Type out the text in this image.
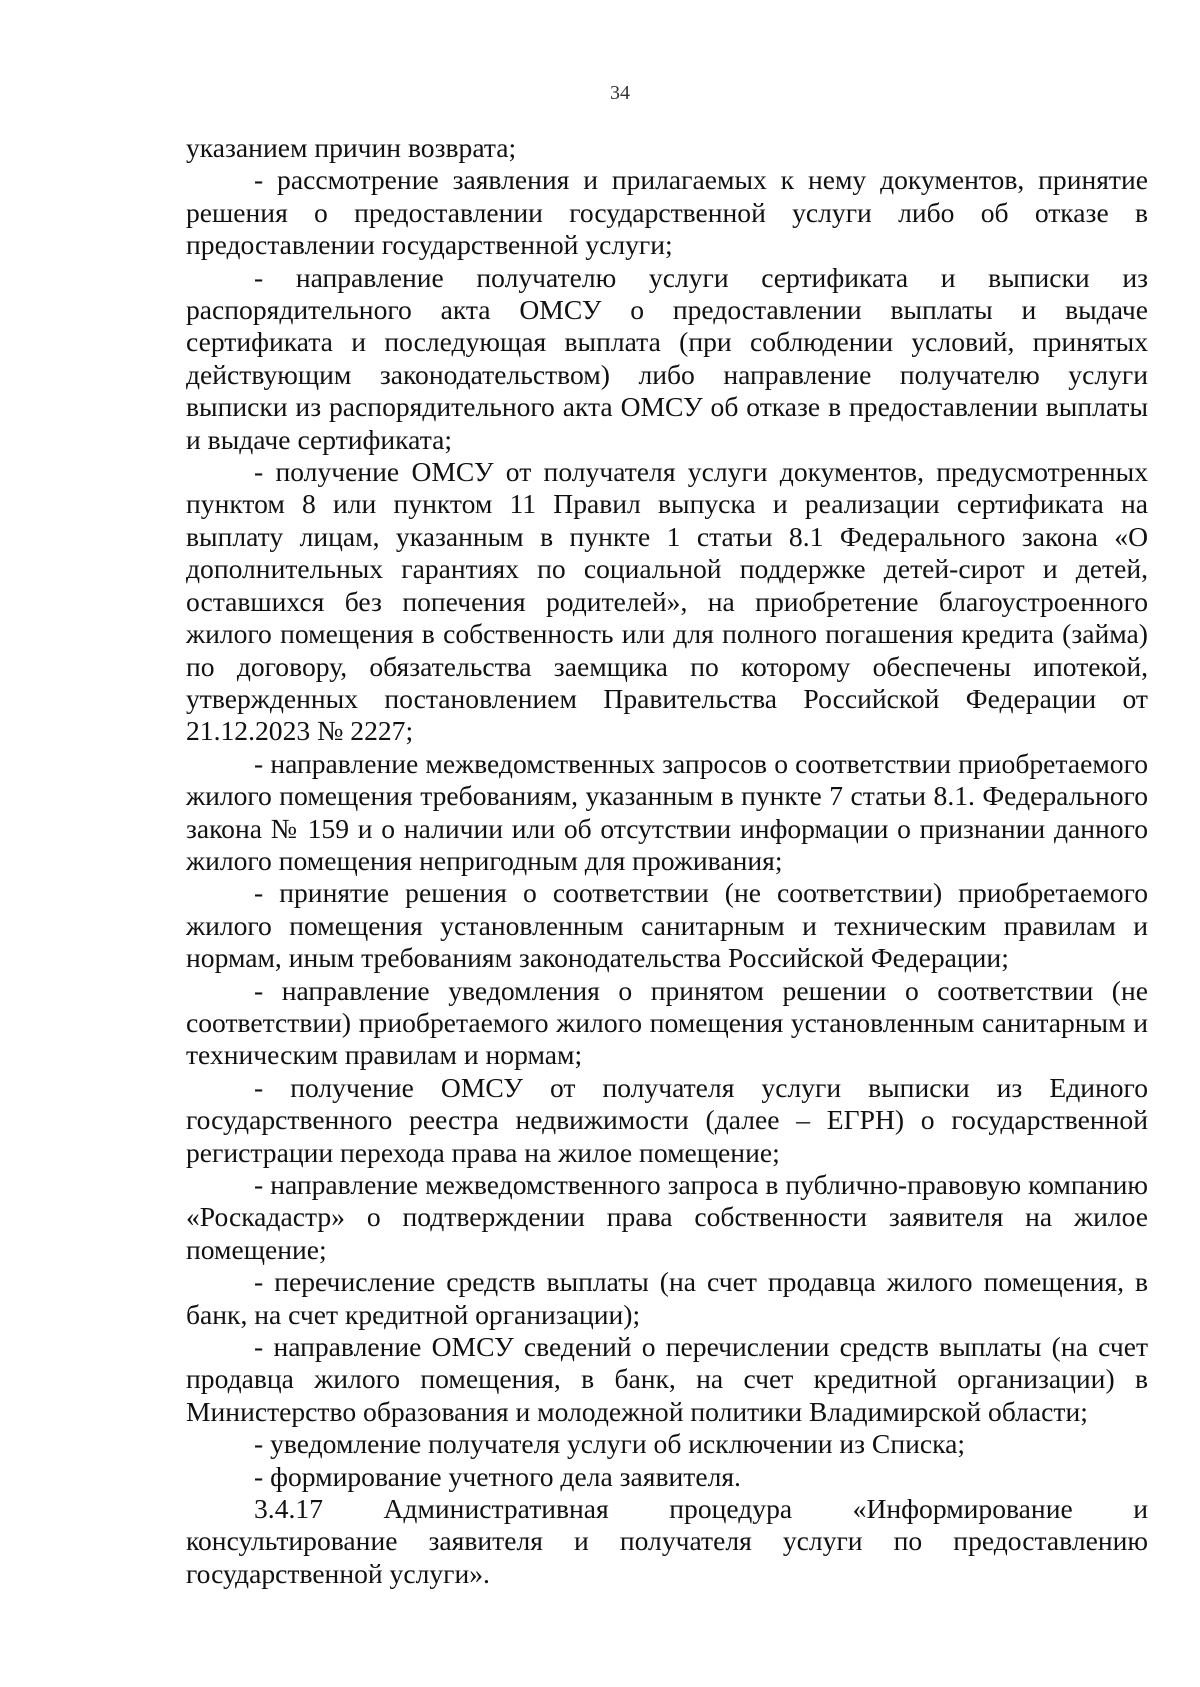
34

указанием причин возврата;

- рассмотрение заявления и прилагаемых к нему документов, принятие решения о предоставлении государственной услуги либо об отказе в предоставлении государственной услуги;

- направление получателю услуги сертификата и выписки из распорядительного акта ОМСУ о предоставлении выплаты и выдаче сертификата и последующая выплата (при соблюдении условий, принятых действующим законодательством) либо направление получателю услуги выписки из распорядительного акта ОМСУ об отказе в предоставлении выплаты и выдаче сертификата;

- получение ОМСУ от получателя услуги документов, предусмотренных пунктом 8 или пунктом 11 Правил выпуска и реализации сертификата на выплату лицам, указанным в пункте 1 статьи 8.1 Федерального закона «О дополнительных гарантиях по социальной поддержке детей-сирот и детей, оставшихся без попечения родителей», на приобретение благоустроенного жилого помещения в собственность или для полного погашения кредита (займа) по договору, обязательства заемщика по которому обеспечены ипотекой, утвержденных постановлением Правительства Российской Федерации от 21.12.2023 № 2227;

- направление межведомственных запросов о соответствии приобретаемого жилого помещения требованиям, указанным в пункте 7 статьи 8.1. Федерального закона № 159 и о наличии или об отсутствии информации о признании данного жилого помещения непригодным для проживания;

- принятие решения о соответствии (не соответствии) приобретаемого жилого помещения установленным санитарным и техническим правилам и нормам, иным требованиям законодательства Российской Федерации;

- направление уведомления о принятом решении о соответствии (не соответствии) приобретаемого жилого помещения установленным санитарным и техническим правилам и нормам;

- получение ОМСУ от получателя услуги выписки из Единого государственного реестра недвижимости (далее – ЕГРН) о государственной регистрации перехода права на жилое помещение;

- направление межведомственного запроса в публично-правовую компанию «Роскадастр» о подтверждении права собственности заявителя на жилое помещение;

- перечисление средств выплаты (на счет продавца жилого помещения, в банк, на счет кредитной организации);

- направление ОМСУ сведений о перечислении средств выплаты (на счет продавца жилого помещения, в банк, на счет кредитной организации) в Министерство образования и молодежной политики Владимирской области;

- уведомление получателя услуги об исключении из Списка;

- формирование учетного дела заявителя.

3.4.17 Административная процедура «Информирование и консультирование заявителя и получателя услуги по предоставлению государственной услуги».
